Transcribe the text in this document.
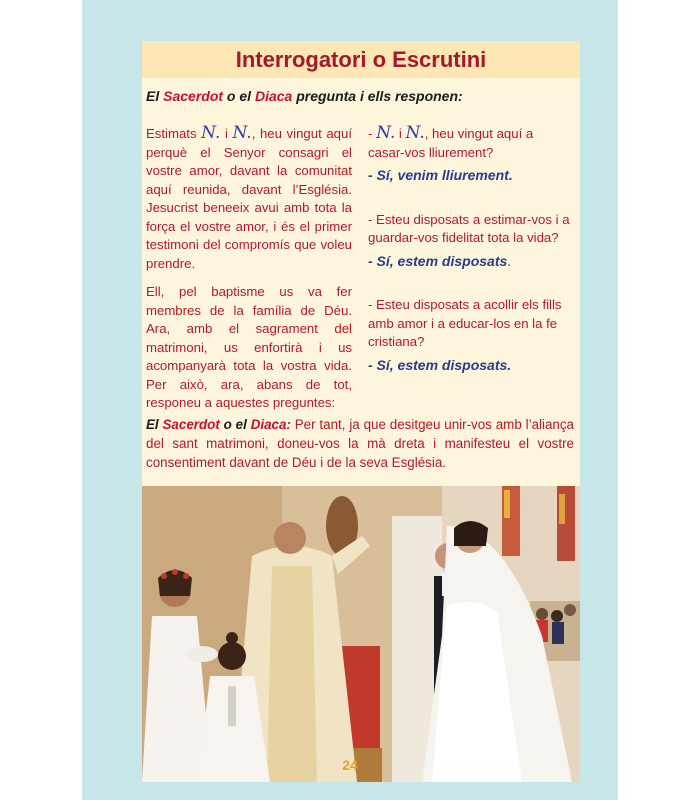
Interrogatori o Escrutini
El Sacerdot o el Diaca pregunta i ells responen:

Estimats N. i N., heu vingut aquí perquè el Senyor consagri el vostre amor, davant la comunitat aquí reunida, davant l’Església. Jesucrist beneeix avui amb tota la força el vostre amor, i és el primer testimoni del compromís que voleu prendre.

Ell, pel baptisme us va fer membres de la família de Déu. Ara, amb el sagrament del matrimoni, us enfortirà i us acompanyarà tota la vostra vida. Per això, ara, abans de tot, responeu a aquestes preguntes:

- N. i N., heu vingut aquí a casar-vos lliurement?

- Sí, venim lliurement.

- Esteu disposats a estimar-vos i a guardar-vos fidelitat tota la vida?

- Sí, estem disposats.

- Esteu disposats a acollir els fills amb amor i a educar-los en la fe cristiana?

- Sí, estem disposats.

El Sacerdot o el Diaca: Per tant, ja que desitgeu unir-vos amb l’aliança del sant matrimoni, doneu-vos la mà dreta i manifesteu el vostre consentiment davant de Déu i de la seva Església.
24
